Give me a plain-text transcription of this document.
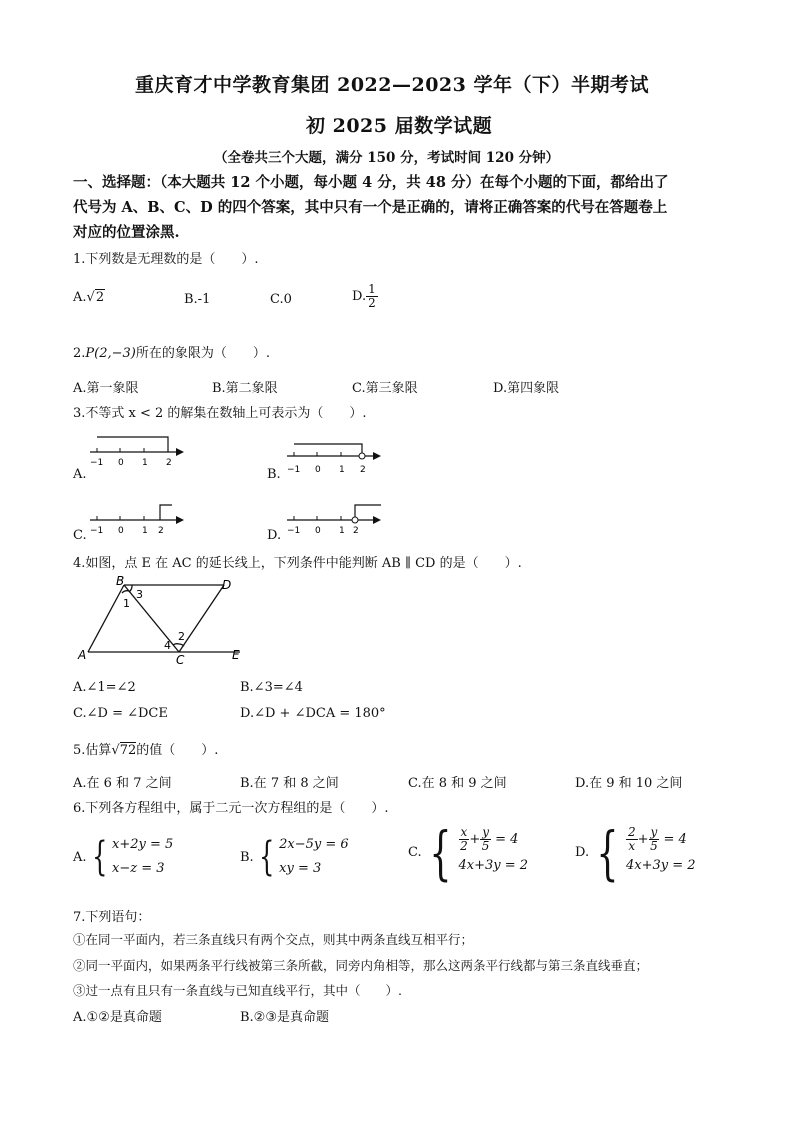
重庆育才中学教育集团 2022—2023 学年（下）半期考试
初 2025 届数学试题
（全卷共三个大题，满分 150 分，考试时间 120 分钟）
一、选择题：（本大题共 12 个小题，每小题 4 分，共 48 分）在每个小题的下面，都给出了
代号为 A、B、C、D 的四个答案，其中只有一个是正确的，请将正确答案的代号在答题卷上
对应的位置涂黑.
1.下列数是无理数的是（　　）.
A.√2	B.-1	C.0	D. $\frac{1}{2}$
2.P(2,−3)所在的象限为（　　）.
A.第一象限	B.第二象限	C.第三象限	D.第四象限
3.不等式 x < 2 的解集在数轴上可表示为（　　）.
A.	B.
C.	D.
−1 0 1 2
−1 0 1 2
−1 0 1 2	−1 0 1 2
4.如图，点 E 在 AC 的延长线上，下列条件中能判断 AB ∥ CD 的是（　　）.
B	D
A	C	E
1
3
2
4
A.∠1=∠2	B.∠3=∠4
C.∠D = ∠DCE	D.∠D + ∠DCA = 180°
5.估算√72的值（　　）.
A.在 6 和 7 之间	B.在 7 和 8 之间	C.在 8 和 9 之间	D.在 9 和 10 之间
6.下列各方程组中，属于二元一次方程组的是（　　）.
A. { x+2y = 5
x−z = 3
B. { 2x−5y = 6
xy = 3
C. { $\frac{x}{2} + \frac{y}{5} = 4$
4x+3y = 2
D. { $\frac{2}{x} + \frac{y}{5} = 4$
4x+3y = 2
7.下列语句：
①在同一平面内，若三条直线只有两个交点，则其中两条直线互相平行；
②同一平面内，如果两条平行线被第三条所截，同旁内角相等，那么这两条平行线都与第三条直线垂直；
③过一点有且只有一条直线与已知直线平行，其中（　　）.
A.①②是真命题	B.②③是真命题
